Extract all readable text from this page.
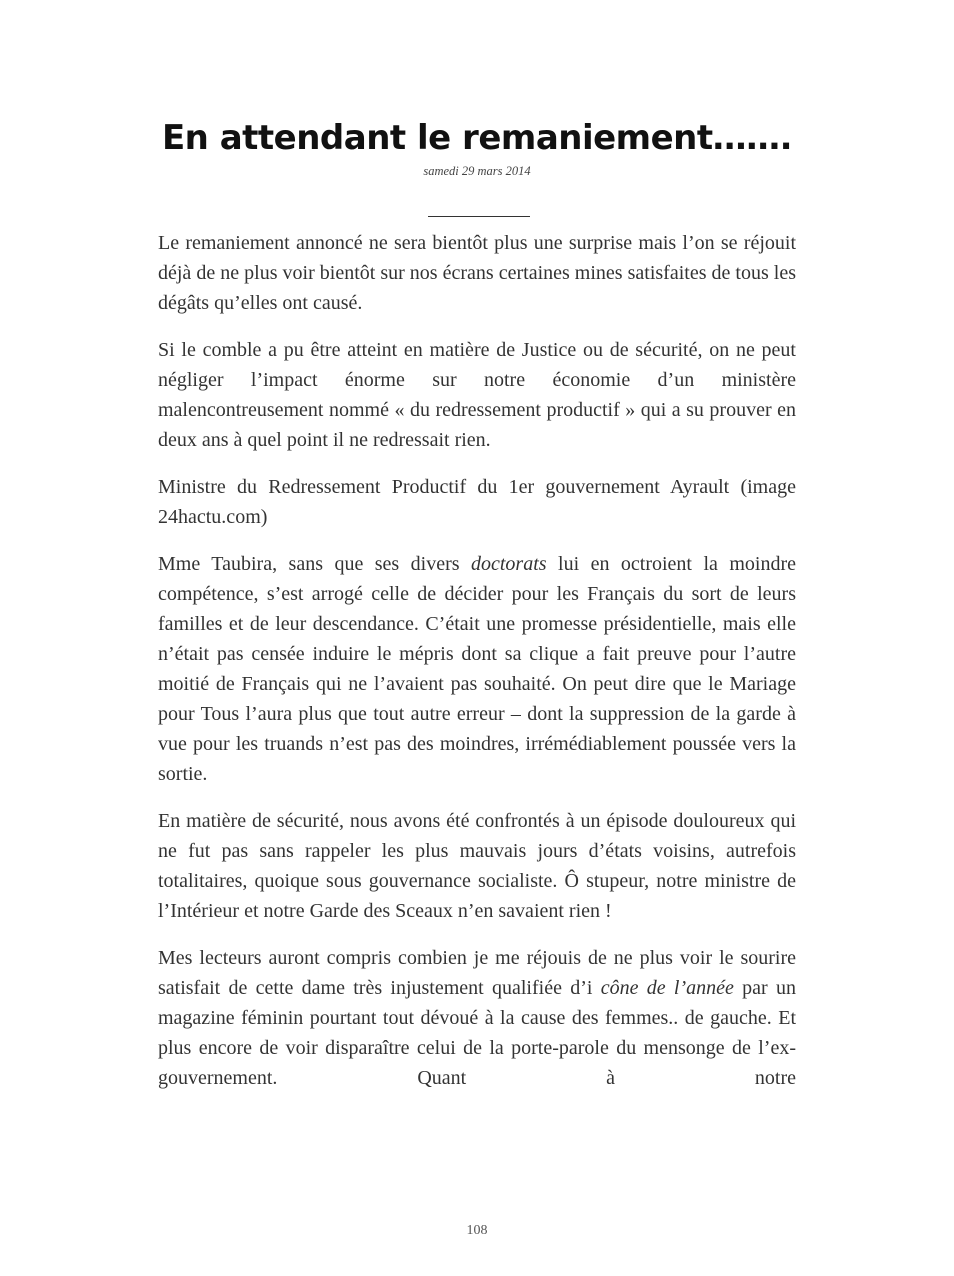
En attendant le remaniement…….
samedi 29 mars 2014

Le remaniement annoncé ne sera bientôt plus une surprise mais l’on se réjouit déjà de ne plus voir bientôt sur nos écrans certaines mines satisfaites de tous les dégâts qu’elles ont causé.

Si le comble a pu être atteint en matière de Justice ou de sécurité, on ne peut négliger l’impact énorme sur notre économie d’un ministère malencontreusement nommé « du redressement productif » qui a su prouver en deux ans à quel point il ne redressait rien.

Ministre du Redressement Productif du 1er gouvernement Ayrault (image 24hactu.com)

Mme Taubira, sans que ses divers doctorats lui en octroient la moindre compétence, s’est arrogé celle de décider pour les Français du sort de leurs familles et de leur descendance. C’était une promesse présidentielle, mais elle n’était pas censée induire le mépris dont sa clique a fait preuve pour l’autre moitié de Français qui ne l’avaient pas souhaité. On peut dire que le Mariage pour Tous l’aura plus que tout autre erreur – dont la suppression de la garde à vue pour les truands n’est pas des moindres, irrémédiablement poussée vers la sortie.

En matière de sécurité, nous avons été confrontés à un épisode douloureux qui ne fut pas sans rappeler les plus mauvais jours d’états voisins, autrefois totalitaires, quoique sous gouvernance socialiste. Ô stupeur, notre ministre de l’Intérieur et notre Garde des Sceaux n’en savaient rien !

Mes lecteurs auront compris combien je me réjouis de ne plus voir le sourire satisfait de cette dame très injustement qualifiée d’i cône de l’année par un magazine féminin pourtant tout dévoué à la cause des femmes.. de gauche. Et plus encore de voir disparaître celui de la porte-parole du mensonge de l’ex-gouvernement. Quant à notre

108
